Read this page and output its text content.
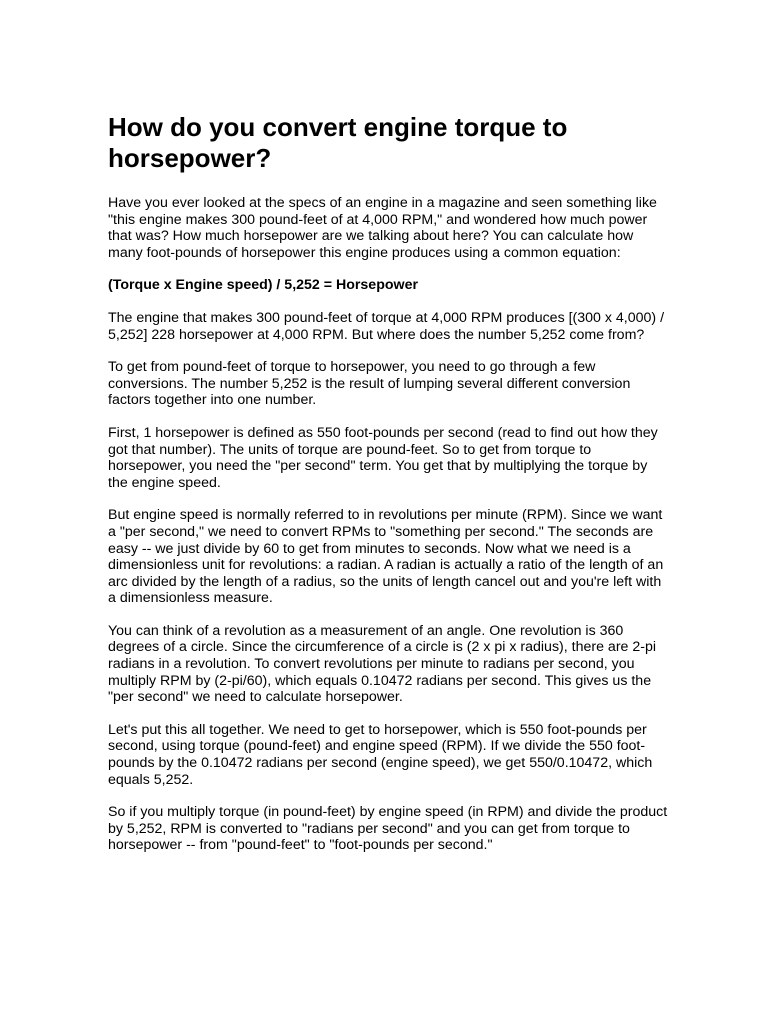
How do you convert engine torque to horsepower?

Have you ever looked at the specs of an engine in a magazine and seen something like "this engine makes 300 pound-feet of at 4,000 RPM," and wondered how much power that was? How much horsepower are we talking about here? You can calculate how many foot-pounds of horsepower this engine produces using a common equation:

(Torque x Engine speed) / 5,252 = Horsepower

The engine that makes 300 pound-feet of torque at 4,000 RPM produces [(300 x 4,000) / 5,252] 228 horsepower at 4,000 RPM. But where does the number 5,252 come from?

To get from pound-feet of torque to horsepower, you need to go through a few conversions. The number 5,252 is the result of lumping several different conversion factors together into one number.

First, 1 horsepower is defined as 550 foot-pounds per second (read to find out how they got that number). The units of torque are pound-feet. So to get from torque to horsepower, you need the "per second" term. You get that by multiplying the torque by the engine speed.

But engine speed is normally referred to in revolutions per minute (RPM). Since we want a "per second," we need to convert RPMs to "something per second." The seconds are easy -- we just divide by 60 to get from minutes to seconds. Now what we need is a dimensionless unit for revolutions: a radian. A radian is actually a ratio of the length of an arc divided by the length of a radius, so the units of length cancel out and you're left with a dimensionless measure.

You can think of a revolution as a measurement of an angle. One revolution is 360 degrees of a circle. Since the circumference of a circle is (2 x pi x radius), there are 2-pi radians in a revolution. To convert revolutions per minute to radians per second, you multiply RPM by (2-pi/60), which equals 0.10472 radians per second. This gives us the "per second" we need to calculate horsepower.

Let's put this all together. We need to get to horsepower, which is 550 foot-pounds per second, using torque (pound-feet) and engine speed (RPM). If we divide the 550 foot-pounds by the 0.10472 radians per second (engine speed), we get 550/0.10472, which equals 5,252.

So if you multiply torque (in pound-feet) by engine speed (in RPM) and divide the product by 5,252, RPM is converted to "radians per second" and you can get from torque to horsepower -- from "pound-feet" to "foot-pounds per second."
